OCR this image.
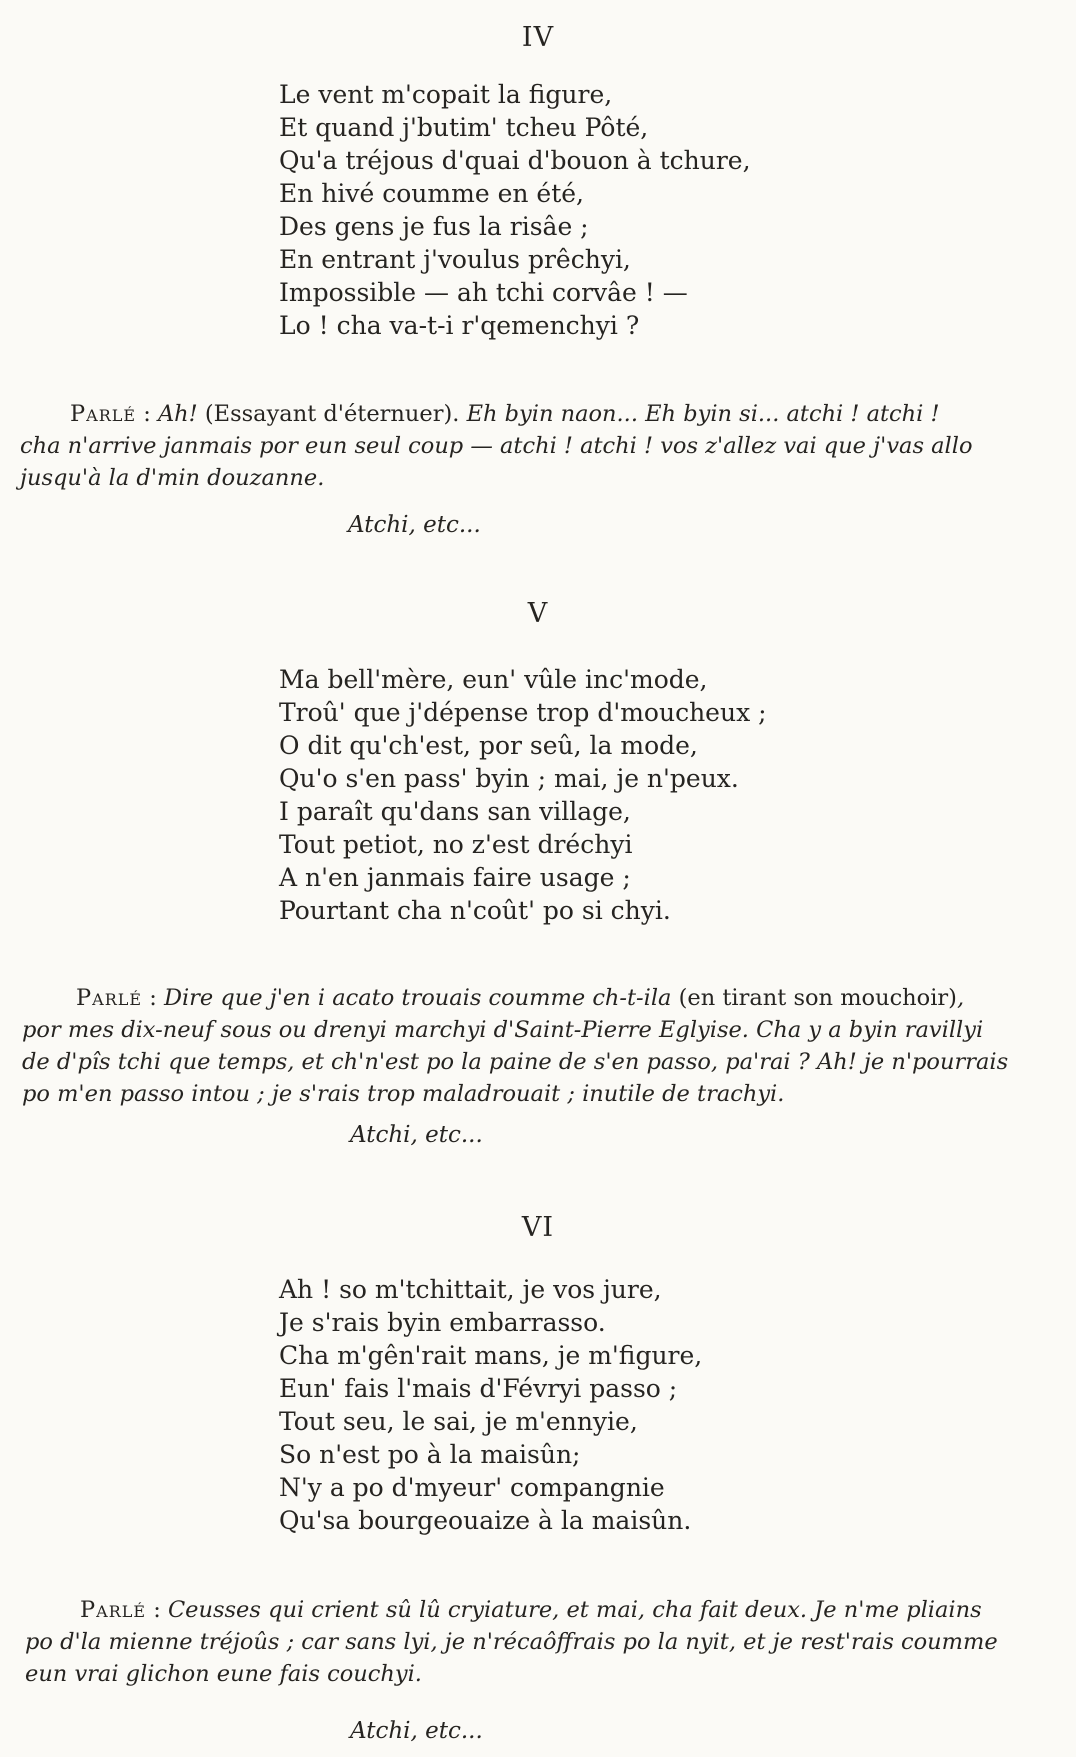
IV
Le vent m'copait la figure,
Et quand j'butim' tcheu Pôté,
Qu'a tréjous d'quai d'bouon à tchure,
En hivé coumme en été,
Des gens je fus la risâe ;
En entrant j'voulus prêchyi,
Impossible — ah tchi corvâe ! —
Lo ! cha va-t-i r'qemenchyi ?
Parlé : Ah! (Essayant d'éternuer). Eh byin naon... Eh byin si... atchi ! atchi !
cha n'arrive janmais por eun seul coup — atchi ! atchi ! vos z'allez vai que j'vas allo
jusqu'à la d'min douzanne.
Atchi, etc...
V
Ma bell'mère, eun' vûle inc'mode,
Troû' que j'dépense trop d'moucheux ;
O dit qu'ch'est, por seû, la mode,
Qu'o s'en pass' byin ; mai, je n'peux.
I paraît qu'dans san village,
Tout petiot, no z'est dréchyi
A n'en janmais faire usage ;
Pourtant cha n'coût' po si chyi.
Parlé : Dire que j'en i acato trouais coumme ch-t-ila (en tirant son mouchoir),
por mes dix-neuf sous ou drenyi marchyi d'Saint-Pierre Eglyise. Cha y a byin ravillyi
de d'pîs tchi que temps, et ch'n'est po la paine de s'en passo, pa'rai ? Ah! je n'pourrais
po m'en passo intou ; je s'rais trop maladrouait ; inutile de trachyi.
Atchi, etc...
VI
Ah ! so m'tchittait, je vos jure,
Je s'rais byin embarrasso.
Cha m'gên'rait mans, je m'figure,
Eun' fais l'mais d'Févryi passo ;
Tout seu, le sai, je m'ennyie,
So n'est po à la maisûn;
N'y a po d'myeur' compangnie
Qu'sa bourgeouaize à la maisûn.
Parlé : Ceusses qui crient sû lû cryiature, et mai, cha fait deux. Je n'me pliains
po d'la mienne tréjoûs ; car sans lyi, je n'récaôffrais po la nyit, et je rest'rais coumme
eun vrai glichon eune fais couchyi.
Atchi, etc...
